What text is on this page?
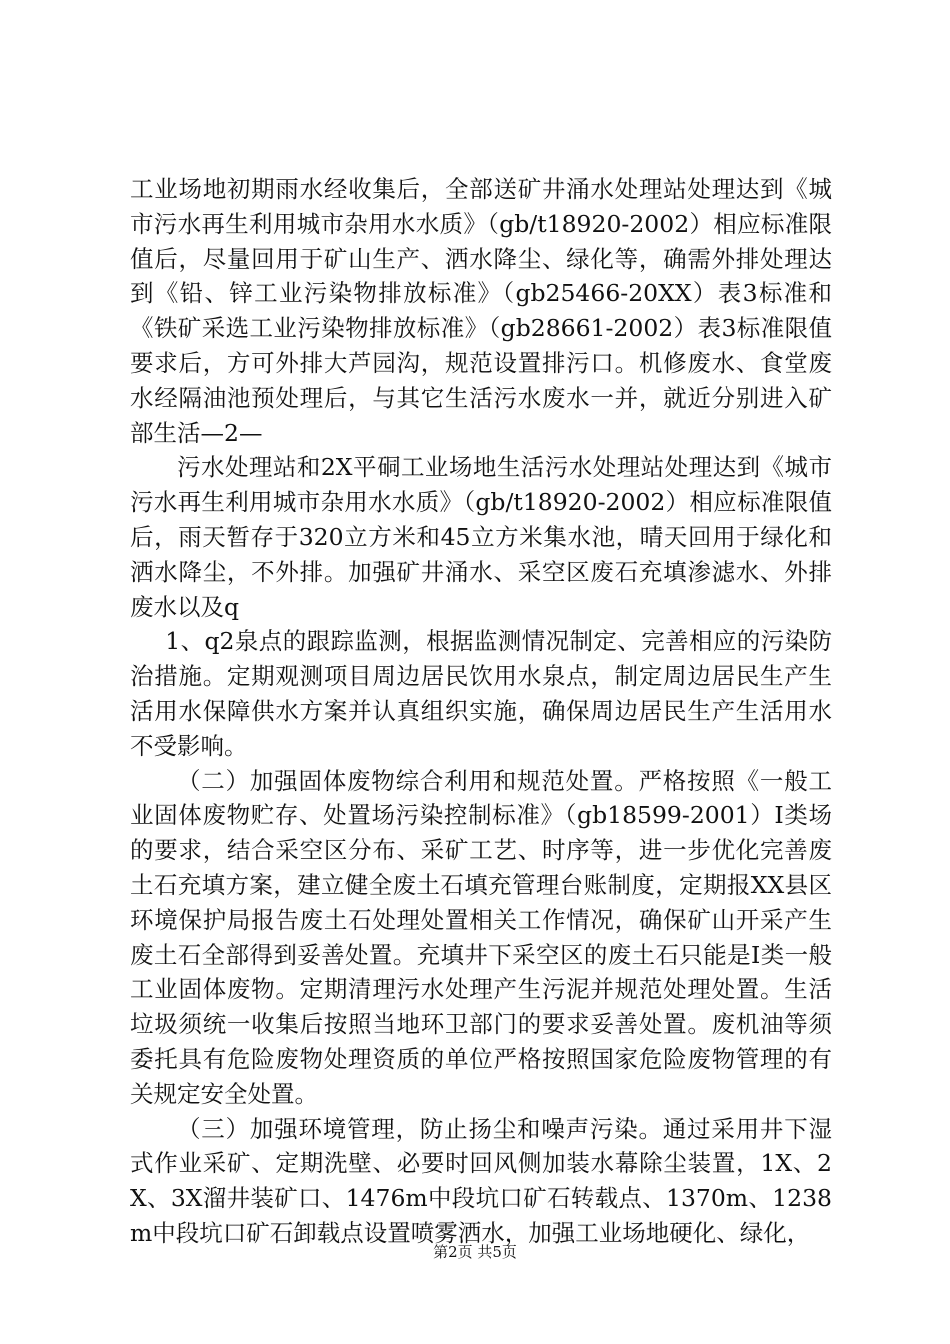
工业场地初期雨水经收集后，全部送矿井涌水处理站处理达到《城市污水再生利用城市杂用水水质》（gb/t18920-2002）相应标准限值后，尽量回用于矿山生产、洒水降尘、绿化等，确需外排处理达到《铅、锌工业污染物排放标准》（gb25466-20XX）表3标准和《铁矿采选工业污染物排放标准》（gb28661-2002）表3标准限值要求后，方可外排大芦园沟，规范设置排污口。机修废水、食堂废水经隔油池预处理后，与其它生活污水废水一并，就近分别进入矿部生活—2—

污水处理站和2X平硐工业场地生活污水处理站处理达到《城市污水再生利用城市杂用水水质》（gb/t18920-2002）相应标准限值后，雨天暂存于320立方米和45立方米集水池，晴天回用于绿化和洒水降尘，不外排。加强矿井涌水、采空区废石充填渗滤水、外排废水以及q

1、q2泉点的跟踪监测，根据监测情况制定、完善相应的污染防治措施。定期观测项目周边居民饮用水泉点，制定周边居民生产生活用水保障供水方案并认真组织实施，确保周边居民生产生活用水不受影响。

（二）加强固体废物综合利用和规范处置。严格按照《一般工业固体废物贮存、处置场污染控制标准》（gb18599-2001）Ⅰ类场的要求，结合采空区分布、采矿工艺、时序等，进一步优化完善废土石充填方案，建立健全废土石填充管理台账制度，定期报XX县区环境保护局报告废土石处理处置相关工作情况，确保矿山开采产生废土石全部得到妥善处置。充填井下采空区的废土石只能是Ⅰ类一般工业固体废物。定期清理污水处理产生污泥并规范处理处置。生活垃圾须统一收集后按照当地环卫部门的要求妥善处置。废机油等须委托具有危险废物处理资质的单位严格按照国家危险废物管理的有关规定安全处置。

（三）加强环境管理，防止扬尘和噪声污染。通过采用井下湿式作业采矿、定期洗壁、必要时回风侧加装水幕除尘装置，1X、2X、3X溜井装矿口、1476m中段坑口矿石转载点、1370m、1238m中段坑口矿石卸载点设置喷雾洒水，加强工业场地硬化、绿化，

第2页 共5页
